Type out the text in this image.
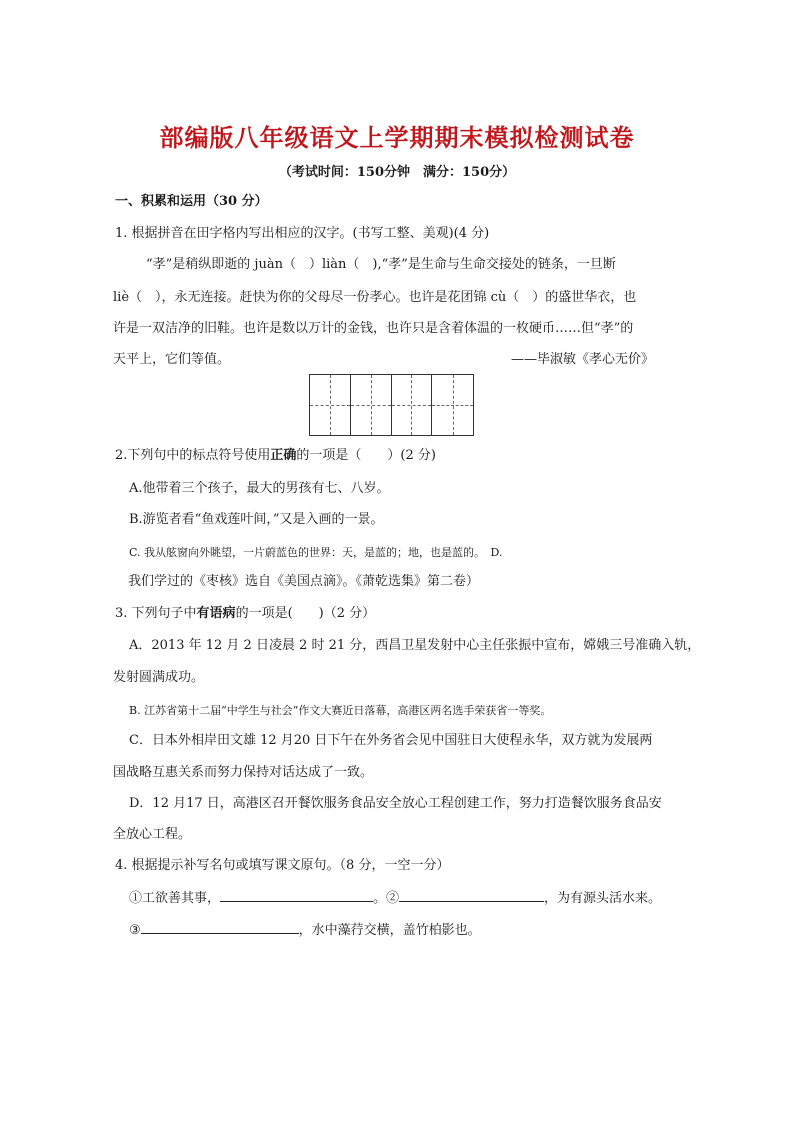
部编版八年级语文上学期期末模拟检测试卷
（考试时间：150分钟　满分：150分）
一、积累和运用（30 分）
1. 根据拼音在田字格内写出相应的汉字。(书写工整、美观)(4 分)
“孝”是稍纵即逝的 juàn（　）liàn（　),“孝”是生命与生命交接处的链条，一旦断
liè（　），永无连接。赶快为你的父母尽一份孝心。也许是花团锦 cù（　）的盛世华衣，也
许是一双洁净的旧鞋。也许是数以万计的金钱，也许只是含着体温的一枚硬币……但“孝”的
天平上，它们等值。	——毕淑敏《孝心无价》
2.下列句中的标点符号使用正确的一项是（　　）(2 分)
A.他带着三个孩子，最大的男孩有七、八岁。
B.游览者看“鱼戏莲叶间，”又是入画的一景。
C. 我从舷窗向外眺望，一片蔚蓝色的世界：天，是蓝的；地，也是蓝的。　D.
我们学过的《枣核》选自《美国点滴》。《萧乾选集》第二卷）
3. 下列句子中有语病的一项是(　　)（2 分）
A．2013 年 12 月 2 日凌晨 2 时 21 分，西昌卫星发射中心主任张振中宣布，嫦娥三号准确入轨，
发射圆满成功。
B. 江苏省第十二届“中学生与社会”作文大赛近日落幕，高港区两名选手荣获省一等奖。
C．日本外相岸田文雄 12 月20 日下午在外务省会见中国驻日大使程永华，双方就为发展两
国战略互惠关系而努力保持对话达成了一致。
D．12 月17 日，高港区召开餐饮服务食品安全放心工程创建工作，努力打造餐饮服务食品安
全放心工程。
4. 根据提示补写名句或填写课文原句。（8 分，一空一分）
①工欲善其事，	。②	，为有源头活水来。
③	，水中藻荇交横，盖竹柏影也。
